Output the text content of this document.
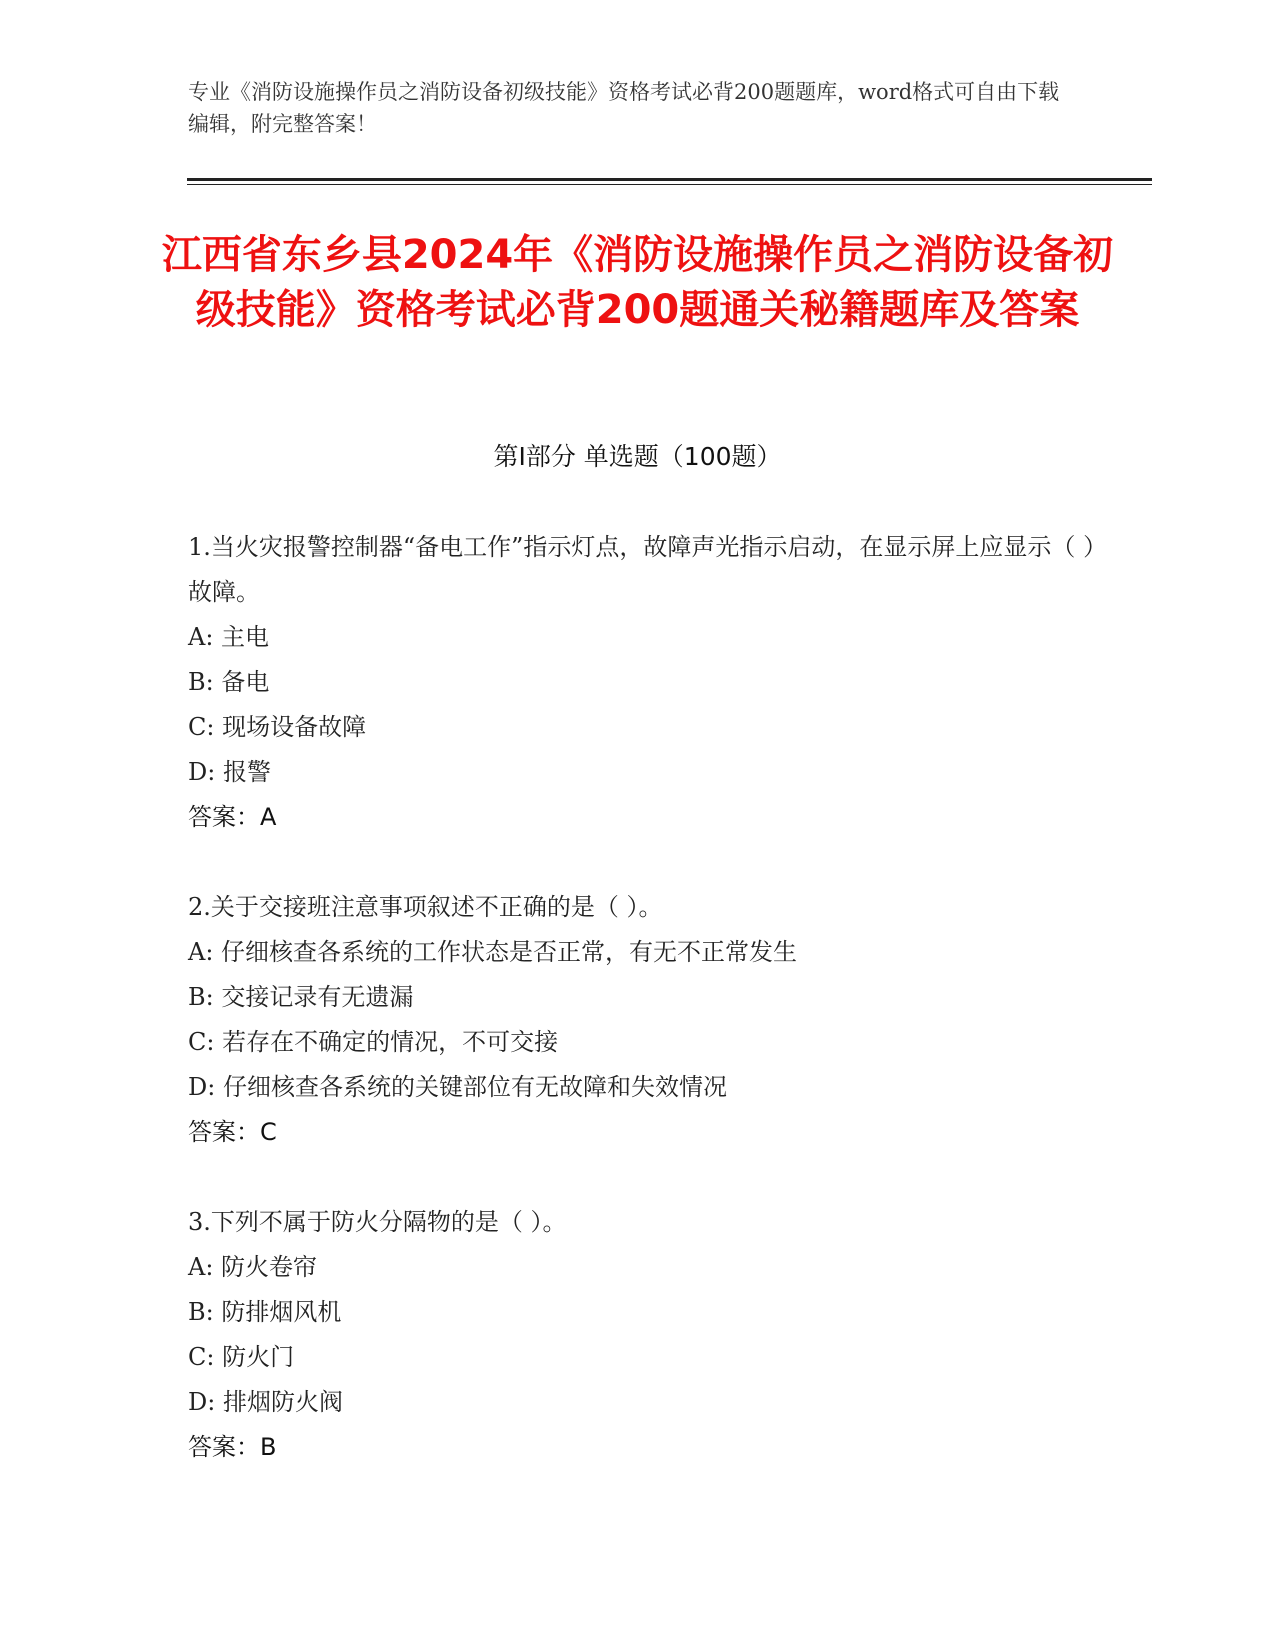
专业《消防设施操作员之消防设备初级技能》资格考试必背200题题库，word格式可自由下载编辑，附完整答案！
江西省东乡县2024年《消防设施操作员之消防设备初级技能》资格考试必背200题通关秘籍题库及答案
第Ⅰ部分 单选题（100题）

1.当火灾报警控制器“备电工作”指示灯点，故障声光指示启动，在显示屏上应显示（ ）故障。

A: 主电

B: 备电

C: 现场设备故障

D: 报警

答案：A

2.关于交接班注意事项叙述不正确的是（ ）。

A: 仔细核查各系统的工作状态是否正常，有无不正常发生

B: 交接记录有无遗漏

C: 若存在不确定的情况，不可交接

D: 仔细核查各系统的关键部位有无故障和失效情况

答案：C

3.下列不属于防火分隔物的是（ ）。

A: 防火卷帘

B: 防排烟风机

C: 防火门

D: 排烟防火阀

答案：B
